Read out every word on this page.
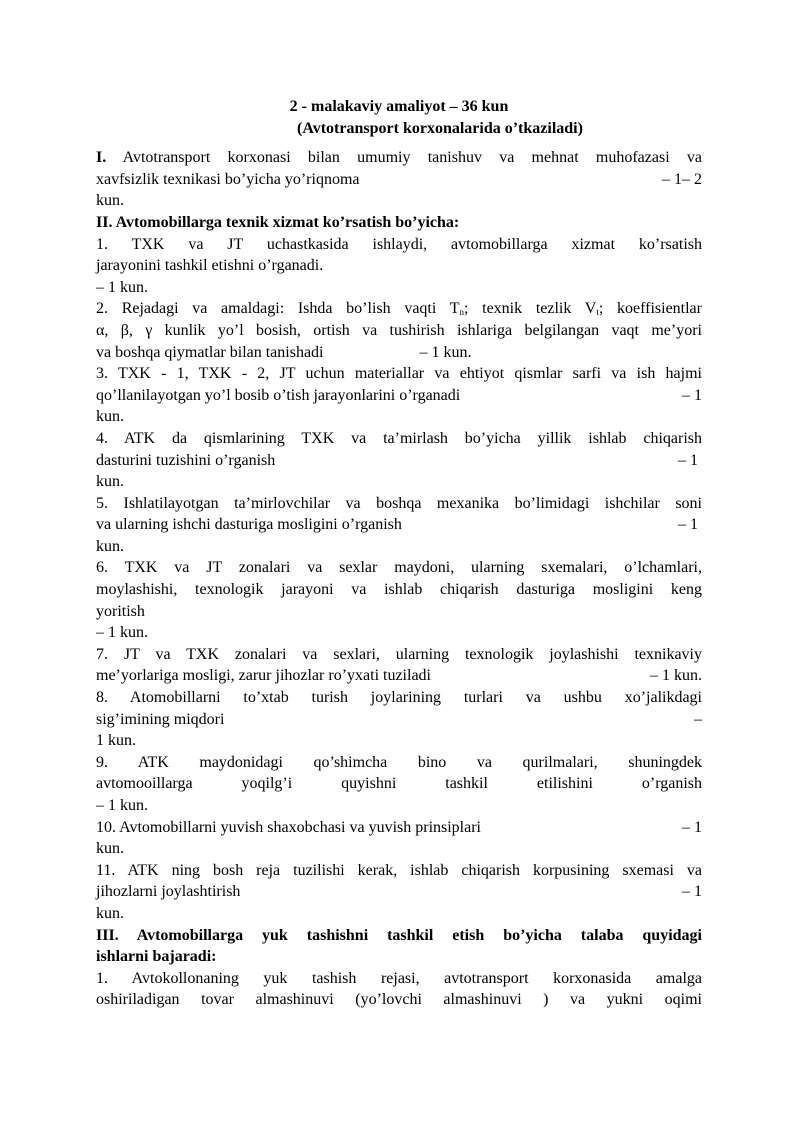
2 - malakaviy amaliyot – 36 kun

(Avtotransport korxonalarida o’tkaziladi)

I. Avtotransport korxonasi bilan umumiy tanishuv va mehnat muhofazasi va

xavfsizlik texnikasi bo’yicha yo’riqnoma	– 1– 2

kun.

II. Avtomobillarga texnik xizmat ko’rsatish bo’yicha:

1. TXK va JT uchastkasida ishlaydi, avtomobillarga xizmat ko’rsatish

jarayonini tashkil etishni o’rganadi.

– 1 kun.

2. Rejadagi va amaldagi: Ishda bo’lish vaqti $T_n$; texnik tezlik $V_t$; koeffisientlar

α, β, γ kunlik yo’l bosish, ortish va tushirish ishlariga belgilangan vaqt me’yori

va boshqa qiymatlar bilan tanishadi	– 1 kun.

3. TXK - 1, TXK - 2, JT uchun materiallar va ehtiyot qismlar sarfi va ish hajmi

qo’llanilayotgan yo’l bosib o’tish jarayonlarini o’rganadi	– 1

kun.

4. ATK da qismlarining TXK va ta’mirlash bo’yicha yillik ishlab chiqarish

dasturini tuzishini o’rganish	– 1

kun.

5. Ishlatilayotgan ta’mirlovchilar va boshqa mexanika bo’limidagi ishchilar soni

va ularning ishchi dasturiga mosligini o’rganish	– 1

kun.

6. TXK va JT zonalari va sexlar maydoni, ularning sxemalari, o’lchamlari,

moylashishi, texnologik jarayoni va ishlab chiqarish dasturiga mosligini keng

yoritish

– 1 kun.

7. JT va TXK zonalari va sexlari, ularning texnologik joylashishi texnikaviy

me’yorlariga mosligi, zarur jihozlar ro’yxati tuziladi	– 1 kun.

8. Atomobillarni to’xtab turish joylarining turlari va ushbu xo’jalikdagi

sig’imining miqdori	–

1 kun.

9. ATK maydonidagi qo’shimcha bino va qurilmalari, shuningdek

avtomooillarga yoqilg’i quyishni tashkil etilishini o’rganish

– 1 kun.

10. Avtomobillarni yuvish shaxobchasi va yuvish prinsiplari	– 1

kun.

11. ATK ning bosh reja tuzilishi kerak, ishlab chiqarish korpusining sxemasi va

jihozlarni joylashtirish	– 1

kun.

III. Avtomobillarga yuk tashishni tashkil etish bo’yicha talaba quyidagi

ishlarni bajaradi:

1. Avtokollonaning yuk tashish rejasi, avtotransport korxonasida amalga

oshiriladigan tovar almashinuvi (yo’lovchi almashinuvi ) va yukni oqimi
